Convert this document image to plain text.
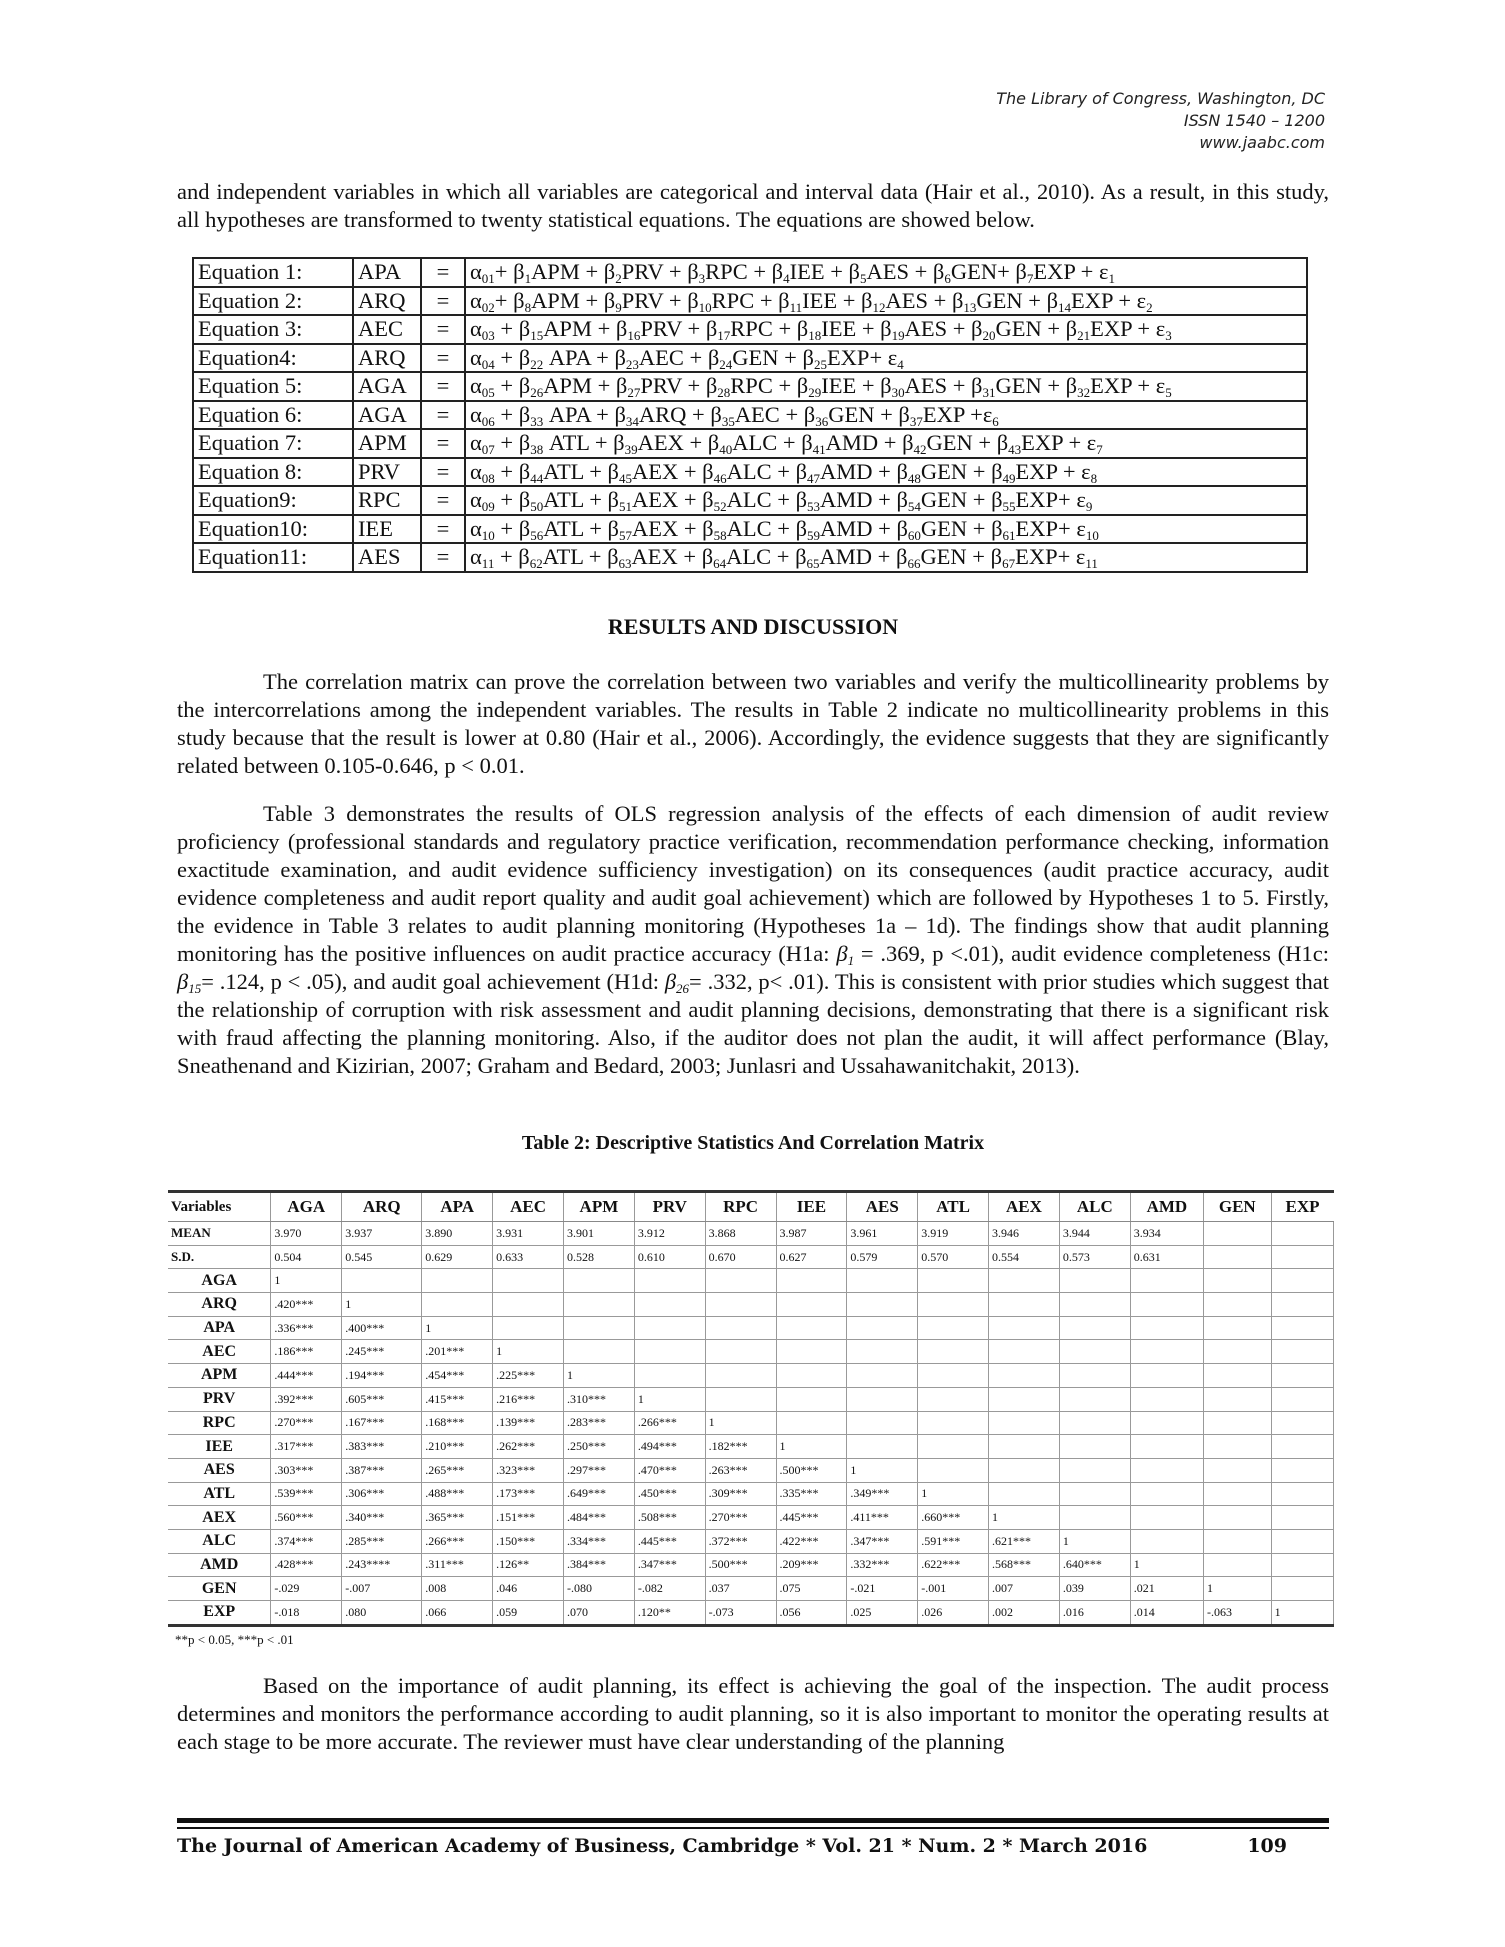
The Library of Congress, Washington, DC
ISSN 1540 – 1200
www.jaabc.com
and independent variables in which all variables are categorical and interval data (Hair et al., 2010). As a result, in this study, all hypotheses are transformed to twenty statistical equations. The equations are showed below.
Equation 1:	APA	=	$\alpha_{01}+ \beta_1APM + \beta_2PRV + \beta_3RPC + \beta_4IEE + \beta_5AES + \beta_6GEN+ \beta_7EXP + \varepsilon_1$
Equation 2:	ARQ	=	$\alpha_{02}+ \beta_8APM + \beta_9PRV + \beta_{10}RPC + \beta_{11}IEE + \beta_{12}AES + \beta_{13}GEN + \beta_{14}EXP + \varepsilon_2$
Equation 3:	AEC	=	$\alpha_{03} + \beta_{15}APM + \beta_{16}PRV + \beta_{17}RPC + \beta_{18}IEE + \beta_{19}AES + \beta_{20}GEN + \beta_{21}EXP + \varepsilon_3$
Equation4:	ARQ	=	$\alpha_{04} + \beta_{22}$ APA + $\beta_{23}AEC + \beta_{24}GEN + \beta_{25}EXP+ \varepsilon_4$
Equation 5:	AGA	=	$\alpha_{05} + \beta_{26}APM + \beta_{27}PRV + \beta_{28}RPC + \beta_{29}IEE + \beta_{30}AES + \beta_{31}GEN + \beta_{32}EXP + \varepsilon_5$
Equation 6:	AGA	=	$\alpha_{06} + \beta_{33}$ APA + $\beta_{34}ARQ + \beta_{35}AEC + \beta_{36}GEN + \beta_{37}EXP +\varepsilon_6$
Equation 7:	APM	=	$\alpha_{07} + \beta_{38}$ ATL + $\beta_{39}AEX + \beta_{40}ALC + \beta_{41}AMD + \beta_{42}GEN + \beta_{43}EXP + \varepsilon_7$
Equation 8:	PRV	=	$\alpha_{08} + \beta_{44}ATL + \beta_{45}AEX + \beta_{46}ALC + \beta_{47}AMD + \beta_{48}GEN + \beta_{49}EXP + \varepsilon_8$
Equation9:	RPC	=	$\alpha_{09} + \beta_{50}ATL + \beta_{51}AEX + \beta_{52}ALC + \beta_{53}AMD + \beta_{54}GEN + \beta_{55}EXP+ \varepsilon_9$
Equation10:	IEE	=	$\alpha_{10} + \beta_{56}ATL + \beta_{57}AEX + \beta_{58}ALC + \beta_{59}AMD + \beta_{60}GEN + \beta_{61}EXP+ \varepsilon_{10}$
Equation11:	AES	=	$\alpha_{11} + \beta_{62}ATL + \beta_{63}AEX + \beta_{64}ALC + \beta_{65}AMD + \beta_{66}GEN + \beta_{67}EXP+ \varepsilon_{11}$
RESULTS AND DISCUSSION
The correlation matrix can prove the correlation between two variables and verify the multicollinearity problems by the intercorrelations among the independent variables. The results in Table 2 indicate no multicollinearity problems in this study because that the result is lower at 0.80 (Hair et al., 2006). Accordingly, the evidence suggests that they are significantly related between 0.105-0.646, p < 0.01.
Table 3 demonstrates the results of OLS regression analysis of the effects of each dimension of audit review proficiency (professional standards and regulatory practice verification, recommendation performance checking, information exactitude examination, and audit evidence sufficiency investigation) on its consequences (audit practice accuracy, audit evidence completeness and audit report quality and audit goal achievement) which are followed by Hypotheses 1 to 5. Firstly, the evidence in Table 3 relates to audit planning monitoring (Hypotheses 1a – 1d). The findings show that audit planning monitoring has the positive influences on audit practice accuracy (H1a: $\beta_1 = .369$, p <.01), audit evidence completeness (H1c: $\beta_{15}= .124$, p < .05), and audit goal achievement (H1d: $\beta_{26}= .332$, p< .01). This is consistent with prior studies which suggest that the relationship of corruption with risk assessment and audit planning decisions, demonstrating that there is a significant risk with fraud affecting the planning monitoring. Also, if the auditor does not plan the audit, it will affect performance (Blay, Sneathenand and Kizirian, 2007; Graham and Bedard, 2003; Junlasri and Ussahawanitchakit, 2013).
Table 2: Descriptive Statistics And Correlation Matrix
Variables	AGA	ARQ	APA	AEC	APM	PRV	RPC	IEE	AES	ATL	AEX	ALC	AMD	GEN	EXP
MEAN	3.970	3.937	3.890	3.931	3.901	3.912	3.868	3.987	3.961	3.919	3.946	3.944	3.934		
S.D.	0.504	0.545	0.629	0.633	0.528	0.610	0.670	0.627	0.579	0.570	0.554	0.573	0.631		
AGA	1														
ARQ	.420***	1													
APA	.336***	.400***	1												
AEC	.186***	.245***	.201***	1											
APM	.444***	.194***	.454***	.225***	1										
PRV	.392***	.605***	.415***	.216***	.310***	1									
RPC	.270***	.167***	.168***	.139***	.283***	.266***	1								
IEE	.317***	.383***	.210***	.262***	.250***	.494***	.182***	1							
AES	.303***	.387***	.265***	.323***	.297***	.470***	.263***	.500***	1						
ATL	.539***	.306***	.488***	.173***	.649***	.450***	.309***	.335***	.349***	1					
AEX	.560***	.340***	.365***	.151***	.484***	.508***	.270***	.445***	.411***	.660***	1				
ALC	.374***	.285***	.266***	.150***	.334***	.445***	.372***	.422***	.347***	.591***	.621***	1			
AMD	.428***	.243****	.311***	.126**	.384***	.347***	.500***	.209***	.332***	.622***	.568***	.640***	1		
GEN	-.029	-.007	.008	.046	-.080	-.082	.037	.075	-.021	-.001	.007	.039	.021	1	
EXP	-.018	.080	.066	.059	.070	.120**	-.073	.056	.025	.026	.002	.016	.014	-.063	1
**p < 0.05, ***p < .01
Based on the importance of audit planning, its effect is achieving the goal of the inspection. The audit process determines and monitors the performance according to audit planning, so it is also important to monitor the operating results at each stage to be more accurate. The reviewer must have clear understanding of the planning
The Journal of American Academy of Business, Cambridge * Vol. 21 * Num. 2 * March 2016	109
